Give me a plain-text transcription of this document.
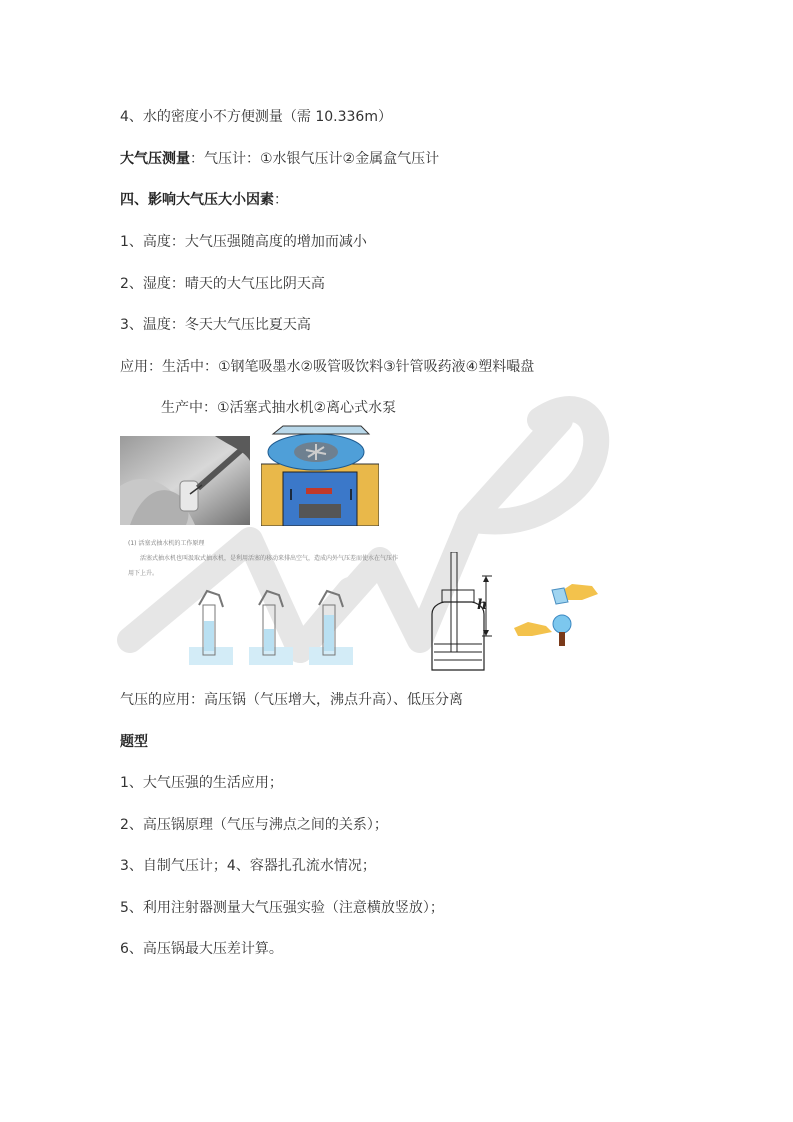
4、水的密度小不方便测量（需 10.336m）
大气压测量：气压计：①水银气压计②金属盒气压计
四、影响大气压大小因素：
1、高度：大气压强随高度的增加而减小
2、湿度：晴天的大气压比阴天高
3、温度：冬天大气压比夏天高
应用：生活中：①钢笔吸墨水②吸管吸饮料③针管吸药液④塑料嘬盘
生产中：①活塞式抽水机②离心式水泵
(1) 活塞式抽水机的工作原理
活塞式抽水机也叫汲取式抽水机，是利用活塞的移动来排出空气，造成内外气压差而使水在气压作
用下上升。
h
气压的应用：高压锅（气压增大，沸点升高）、低压分离
题型
1、大气压强的生活应用；
2、高压锅原理（气压与沸点之间的关系）；
3、自制气压计；4、容器扎孔流水情况；
5、利用注射器测量大气压强实验（注意横放竖放）；
6、高压锅最大压差计算。
